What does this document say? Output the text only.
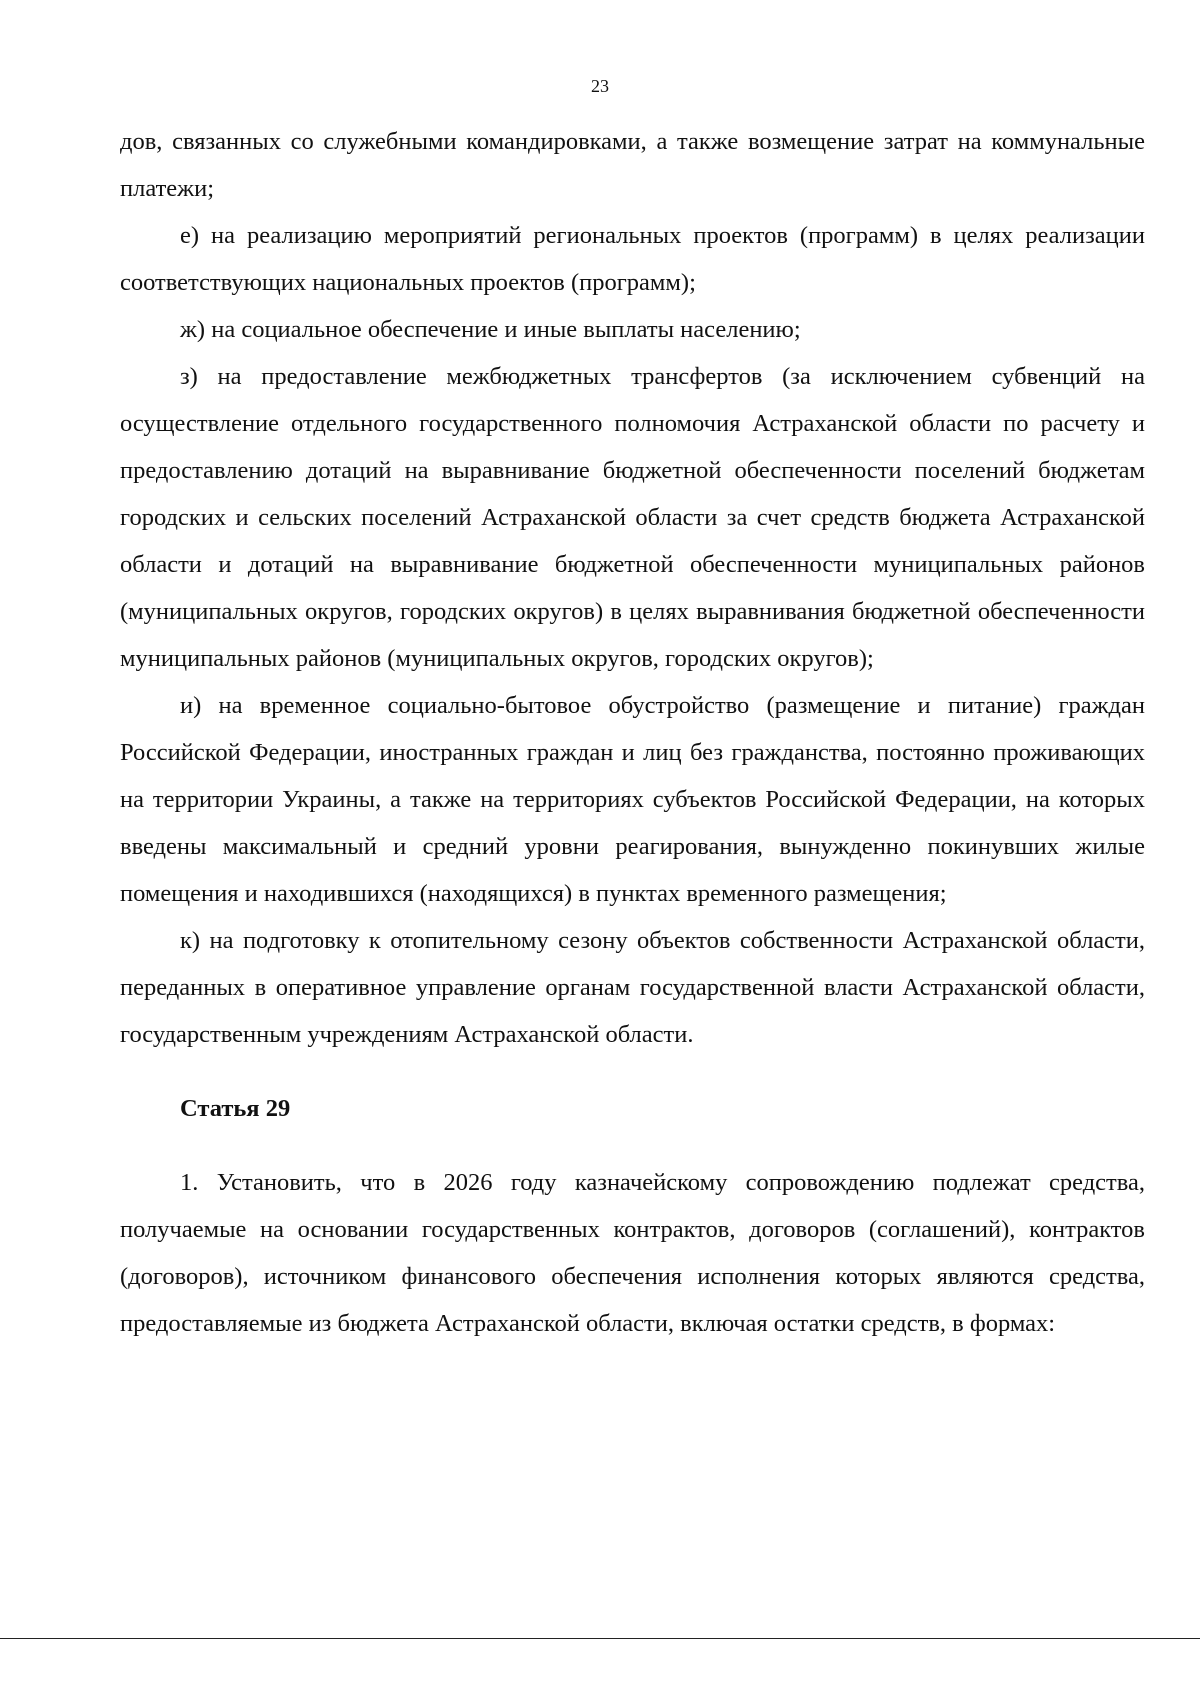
23

дов, связанных со служебными командировками, а также возмещение затрат на коммунальные платежи;

е) на реализацию мероприятий региональных проектов (программ) в целях реализации соответствующих национальных проектов (программ);

ж) на социальное обеспечение и иные выплаты населению;

з) на предоставление межбюджетных трансфертов (за исключением субвенций на осуществление отдельного государственного полномочия Астраханской области по расчету и предоставлению дотаций на выравнивание бюджетной обеспеченности поселений бюджетам городских и сельских поселений Астраханской области за счет средств бюджета Астраханской области и дотаций на выравнивание бюджетной обеспеченности муниципальных районов (муниципальных округов, городских округов) в целях выравнивания бюджетной обеспеченности муниципальных районов (муниципальных округов, городских округов);

и) на временное социально-бытовое обустройство (размещение и питание) граждан Российской Федерации, иностранных граждан и лиц без гражданства, постоянно проживающих на территории Украины, а также на территориях субъектов Российской Федерации, на которых введены максимальный и средний уровни реагирования, вынужденно покинувших жилые помещения и находившихся (находящихся) в пунктах временного размещения;

к) на подготовку к отопительному сезону объектов собственности Астраханской области, переданных в оперативное управление органам государственной власти Астраханской области, государственным учреждениям Астраханской области.

Статья 29

1. Установить, что в 2026 году казначейскому сопровождению подлежат средства, получаемые на основании государственных контрактов, договоров (соглашений), контрактов (договоров), источником финансового обеспечения исполнения которых являются средства, предоставляемые из бюджета Астраханской области, включая остатки средств, в формах:
